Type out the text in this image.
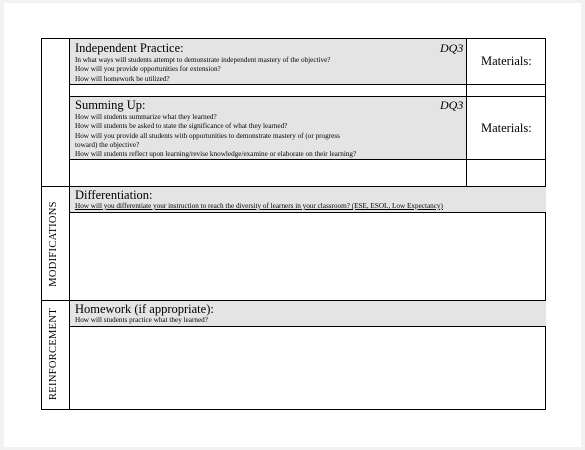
Independent Practice:	DQ3
In what ways will students attempt to demonstrate independent mastery of the objective?
How will you provide opportunities for extension?
How will homework be utilized?
Materials:
Summing Up:	DQ3
How will students summarize what they learned?
How will students be asked to state the significance of what they learned?
How will you provide all students with opportunities to demonstrate mastery of (or progress
toward) the objective?
How will students reflect upon learning/revise knowledge/examine or elaborate on their learning?
Materials:
Differentiation:
How will you differentiate your instruction to reach the diversity of learners in your classroom? (ESE, ESOL, Low Expectancy)
Homework (if appropriate):
How will students practice what they learned?
MODIFICATIONS
REINFORCEMENT
